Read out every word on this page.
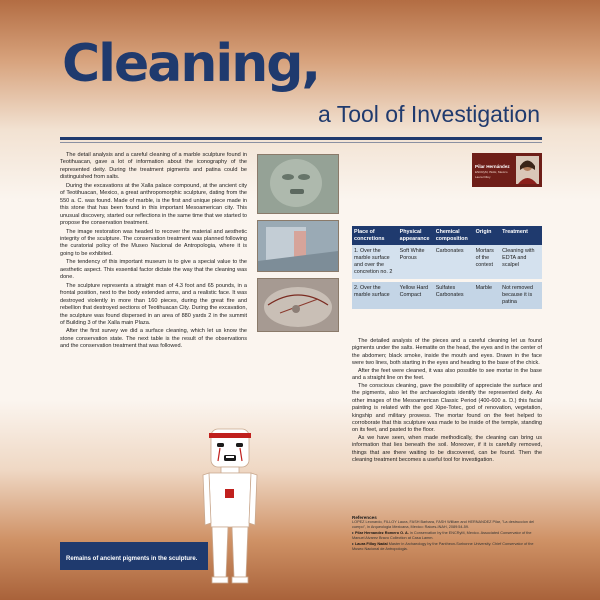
Cleaning,
a Tool of Investigation

The detail analysis and a careful cleaning of a marble sculpture found in Teotihuacan, gave a lot of information about the iconography of the represented deity. During the treatment pigments and patina could be distinguished from salts.

During the excavations at the Xalla palace compound, at the ancient city of Teotihuacan, Mexico, a great anthropomorphic sculpture, dating from the 550 a. C. was found. Made of marble, is the first and unique piece made in this stone that has been found in this important Mesoamerican city. This unusual discovery, started our reflections in the same time that we started to propose the conservation treatment.

The image restoration was headed to recover the material and aesthetic integrity of the sculpture. The conservation treatment was planned following the curatorial policy of the Museo Nacional de Antropologia, where it is going to be exhibited.

The tendency of this important museum is to give a special value to the aesthetic aspect. This essential factor dictate the way that the cleaning was done.

The sculpture represents a straight man of 4.3 foot and 65 pounds, in a frontal position, next to the body extended arms, and a realistic face. It was destroyed violently in more than 160 pieces, during the great fire and rebellion that destroyed sections of Teotihuacan City. During the excavation, the sculpture was found dispersed in an area of 880 yards 2 in the summit of Building 3 of the Xalla main Plaza.

After the first survey we did a surface cleaning, which let us know the stone conservation state. The next table is the result of the observations and the conservation treatment that was followed.

Pilar Hernández
Laura Filloy
ENCRyM, INAH, Mexico
Place of concretions	Physical appearance	Chemical composition	Origin	Treatment
1. Over the marble surface and over the concretion no. 2	Soft White Porous	Carbonates	Mortars of the context	Cleaning with EDTA and scalpel

2. Over the marble surface	Yellow Hard Compact	Sulfates Carbonates	Marble	Not removed because it is patina

The detailed analysis of the pieces and a careful cleaning let us found pigments under the salts. Hematite on the head, the eyes and in the center of the abdomen; black smoke, inside the mouth and eyes. Drawn in the face were two lines, both starting in the eyes and heading to the base of the chick.

After the feet were cleaned, it was also possible to see mortar in the base and a straight line on the feet.

The conscious cleaning, gave the possibility of appreciate the surface and the pigments, also let the archaeologists identify the represented deity. As other images of the Mesoamerican Classic Period (400-600 a. D.) this facial painting is related with the god Xipe-Totec, god of renovation, vegetation, kingship and military prowess. The mortar found on the feet helped to corroborate that this sculpture was made to be inside of the temple, standing on its feet, and pasted to the floor.

As we have seen, when made methodically, the cleaning can bring us information that lies beneath the soil. Moreover, if it is carefully removed, things that are there waiting to be discovered, can be found. Then the cleaning treatment becomes a useful tool for investigation.

References

LOPEZ Leonardo, FILLOY Laura, FASH Barbara, FASH William and HERNANDEZ Pilar, "La destruccion del cuerpo", in Arqueologia Mexicana, Mexico: Raices-INAH, 2089:54-59.

▸ Pilar Hernandez Romero O. A. in Conservation by the ENCRyM, Mexico. Associated Conservator of the Manuel Alvarez Bravo Collection at Casa Lamm.

▸ Laura Filloy Nadal Master in Archaeology by the Pantheon-Sorbonne University. Chief Conservator of the Museo Nacional de Antropologia.

Remains of ancient pigments in the sculpture.
